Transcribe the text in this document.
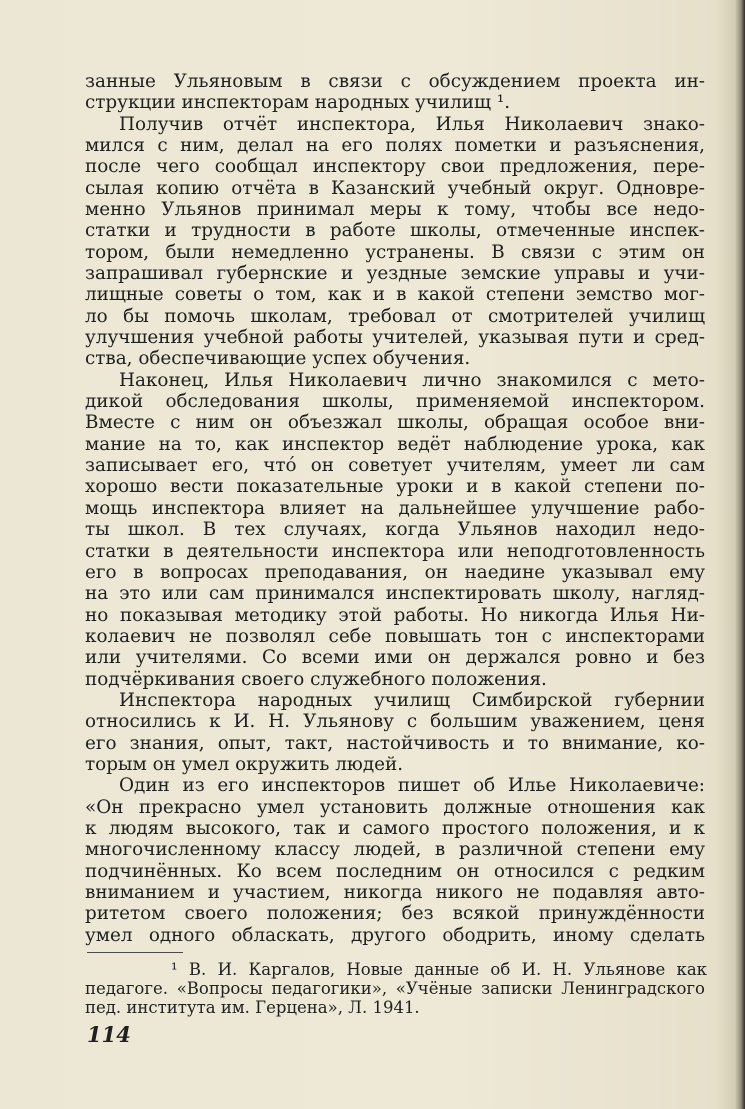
занные Ульяновым в связи с обсуждением проекта ин-
струкции инспекторам народных училищ ¹.
Получив отчёт инспектора, Илья Николаевич знако-
мился с ним, делал на его полях пометки и разъяснения,
после чего сообщал инспектору свои предложения, пере-
сылая копию отчёта в Казанский учебный округ. Одновре-
менно Ульянов принимал меры к тому, чтобы все недо-
статки и трудности в работе школы, отмеченные инспек-
тором, были немедленно устранены. В связи с этим он
запрашивал губернские и уездные земские управы и учи-
лищные советы о том, как и в какой степени земство мог-
ло бы помочь школам, требовал от смотрителей училищ
улучшения учебной работы учителей, указывая пути и сред-
ства, обеспечивающие успех обучения.
Наконец, Илья Николаевич лично знакомился с мето-
дикой обследования школы, применяемой инспектором.
Вместе с ним он объезжал школы, обращая особое вни-
мание на то, как инспектор ведёт наблюдение урока, как
записывает его, чтó он советует учителям, умеет ли сам
хорошо вести показательные уроки и в какой степени по-
мощь инспектора влияет на дальнейшее улучшение рабо-
ты школ. В тех случаях, когда Ульянов находил недо-
статки в деятельности инспектора или неподготовленность
его в вопросах преподавания, он наедине указывал ему
на это или сам принимался инспектировать школу, нагляд-
но показывая методику этой работы. Но никогда Илья Ни-
колаевич не позволял себе повышать тон с инспекторами
или учителями. Со всеми ими он держался ровно и без
подчёркивания своего служебного положения.
Инспектора народных училищ Симбирской губернии
относились к И. Н. Ульянову с большим уважением, ценя
его знания, опыт, такт, настойчивость и то внимание, ко-
торым он умел окружить людей.
Один из его инспекторов пишет об Илье Николаевиче:
«Он прекрасно умел установить должные отношения как
к людям высокого, так и самого простого положения, и к
многочисленному классу людей, в различной степени ему
подчинённых. Ко всем последним он относился с редким
вниманием и участием, никогда никого не подавляя авто-
ритетом своего положения; без всякой принуждённости
умел одного обласкать, другого ободрить, иному сделать
¹ В. И. Каргалов, Новые данные об И. Н. Ульянове как
педагоге. «Вопросы педагогики», «Учёные записки Ленинградского
пед. института им. Герцена», Л. 1941.
114
